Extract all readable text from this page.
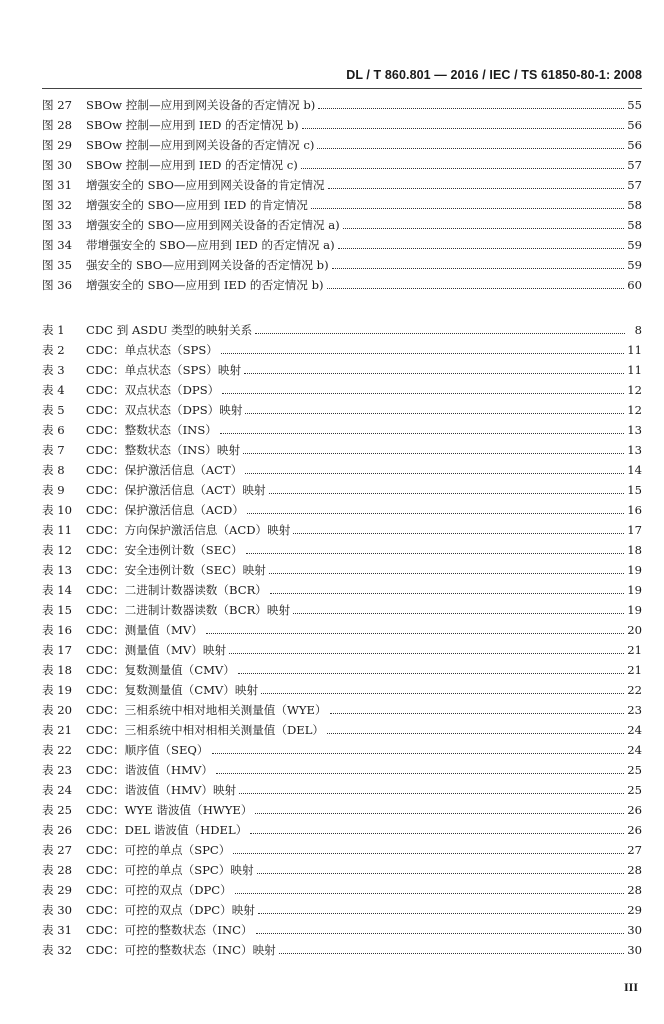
DL / T 860.801 — 2016 / IEC / TS 61850-80-1: 2008
图 27	SBOw 控制—应用到网关设备的否定情况 b)	55
图 28	SBOw 控制—应用到 IED 的否定情况 b)	56
图 29	SBOw 控制—应用到网关设备的否定情况 c)	56
图 30	SBOw 控制—应用到 IED 的否定情况 c)	57
图 31	增强安全的 SBO—应用到网关设备的肯定情况	57
图 32	增强安全的 SBO—应用到 IED 的肯定情况	58
图 33	增强安全的 SBO—应用到网关设备的否定情况 a)	58
图 34	带增强安全的 SBO—应用到 IED 的否定情况 a)	59
图 35	强安全的 SBO—应用到网关设备的否定情况 b)	59
图 36	增强安全的 SBO—应用到 IED 的否定情况 b)	60
表 1	CDC 到 ASDU 类型的映射关系	8
表 2	CDC：单点状态（SPS）	11
表 3	CDC：单点状态（SPS）映射	11
表 4	CDC：双点状态（DPS）	12
表 5	CDC：双点状态（DPS）映射	12
表 6	CDC：整数状态（INS）	13
表 7	CDC：整数状态（INS）映射	13
表 8	CDC：保护激活信息（ACT）	14
表 9	CDC：保护激活信息（ACT）映射	15
表 10	CDC：保护激活信息（ACD）	16
表 11	CDC：方向保护激活信息（ACD）映射	17
表 12	CDC：安全违例计数（SEC）	18
表 13	CDC：安全违例计数（SEC）映射	19
表 14	CDC：二进制计数器读数（BCR）	19
表 15	CDC：二进制计数器读数（BCR）映射	19
表 16	CDC：测量值（MV）	20
表 17	CDC：测量值（MV）映射	21
表 18	CDC：复数测量值（CMV）	21
表 19	CDC：复数测量值（CMV）映射	22
表 20	CDC：三相系统中相对地相关测量值（WYE）	23
表 21	CDC：三相系统中相对相相关测量值（DEL）	24
表 22	CDC：顺序值（SEQ）	24
表 23	CDC：谐波值（HMV）	25
表 24	CDC：谐波值（HMV）映射	25
表 25	CDC：WYE 谐波值（HWYE）	26
表 26	CDC：DEL 谐波值（HDEL）	26
表 27	CDC：可控的单点（SPC）	27
表 28	CDC：可控的单点（SPC）映射	28
表 29	CDC：可控的双点（DPC）	28
表 30	CDC：可控的双点（DPC）映射	29
表 31	CDC：可控的整数状态（INC）	30
表 32	CDC：可控的整数状态（INC）映射	30
III
